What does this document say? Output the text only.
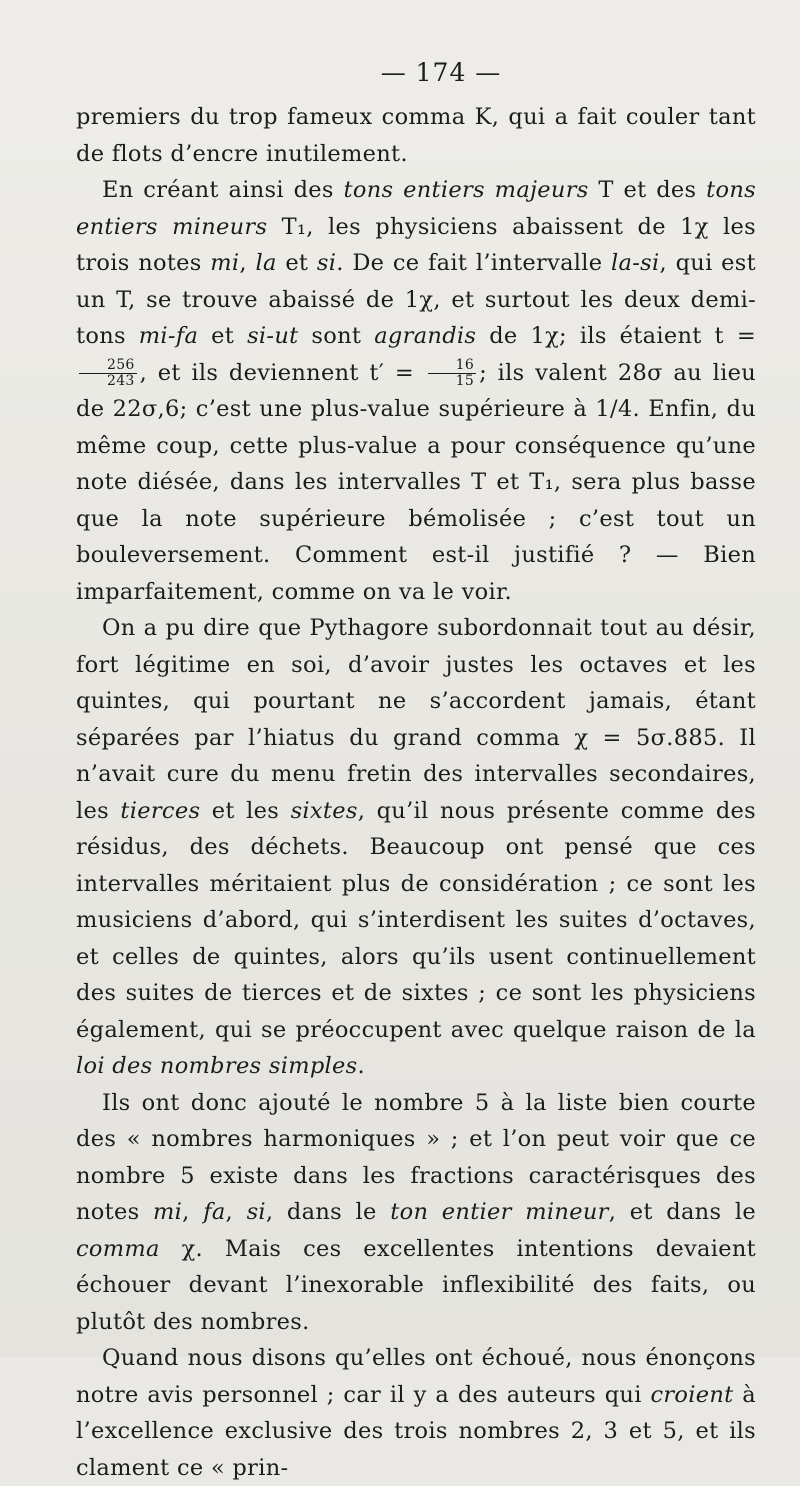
— 174 —

premiers du trop fameux comma K, qui a fait couler tant de flots d’encre inutilement.

En créant ainsi des tons entiers majeurs T et des tons entiers mineurs T₁, les physiciens abaissent de 1χ les trois notes mi, la et si. De ce fait l’intervalle la-si, qui est un T, se trouve abaissé de 1χ, et surtout les deux demi-tons mi-fa et si-ut sont agrandis de 1χ; ils étaient t =
$\frac{256}{243}$ , et ils deviennent $t' = \frac{16}{15}$ ; ils valent 28σ au lieu de 22σ,6; c’est une plus-value supérieure à 1/4. Enfin, du même coup, cette plus-value a pour conséquence qu’une note diésée, dans les intervalles T et T₁, sera plus basse que la note supérieure bémolisée ; c’est tout un bouleversement. Comment est-il justifié ? — Bien imparfaitement, comme on va le voir.

On a pu dire que Pythagore subordonnait tout au désir, fort légitime en soi, d’avoir justes les octaves et les quintes, qui pourtant ne s’accordent jamais, étant séparées par l’hiatus du grand comma χ = 5σ.885. Il n’avait cure du menu fretin des intervalles secondaires, les tierces et les sixtes, qu’il nous présente comme des résidus, des déchets. Beaucoup ont pensé que ces intervalles méritaient plus de considération ; ce sont les musiciens d’abord, qui s’interdisent les suites d’octaves, et celles de quintes, alors qu’ils usent continuellement des suites de tierces et de sixtes ; ce sont les physiciens également, qui se préoccupent avec quelque raison de la loi des nombres simples.

Ils ont donc ajouté le nombre 5 à la liste bien courte des « nombres harmoniques » ; et l’on peut voir que ce nombre 5 existe dans les fractions caractérisques des notes mi, fa, si, dans le ton entier mineur, et dans le comma χ. Mais ces excellentes intentions devaient échouer devant l’inexorable inflexibilité des faits, ou plutôt des nombres.

Quand nous disons qu’elles ont échoué, nous énonçons notre avis personnel ; car il y a des auteurs qui croient à l’excellence exclusive des trois nombres 2, 3 et 5, et ils clament ce « prin-
